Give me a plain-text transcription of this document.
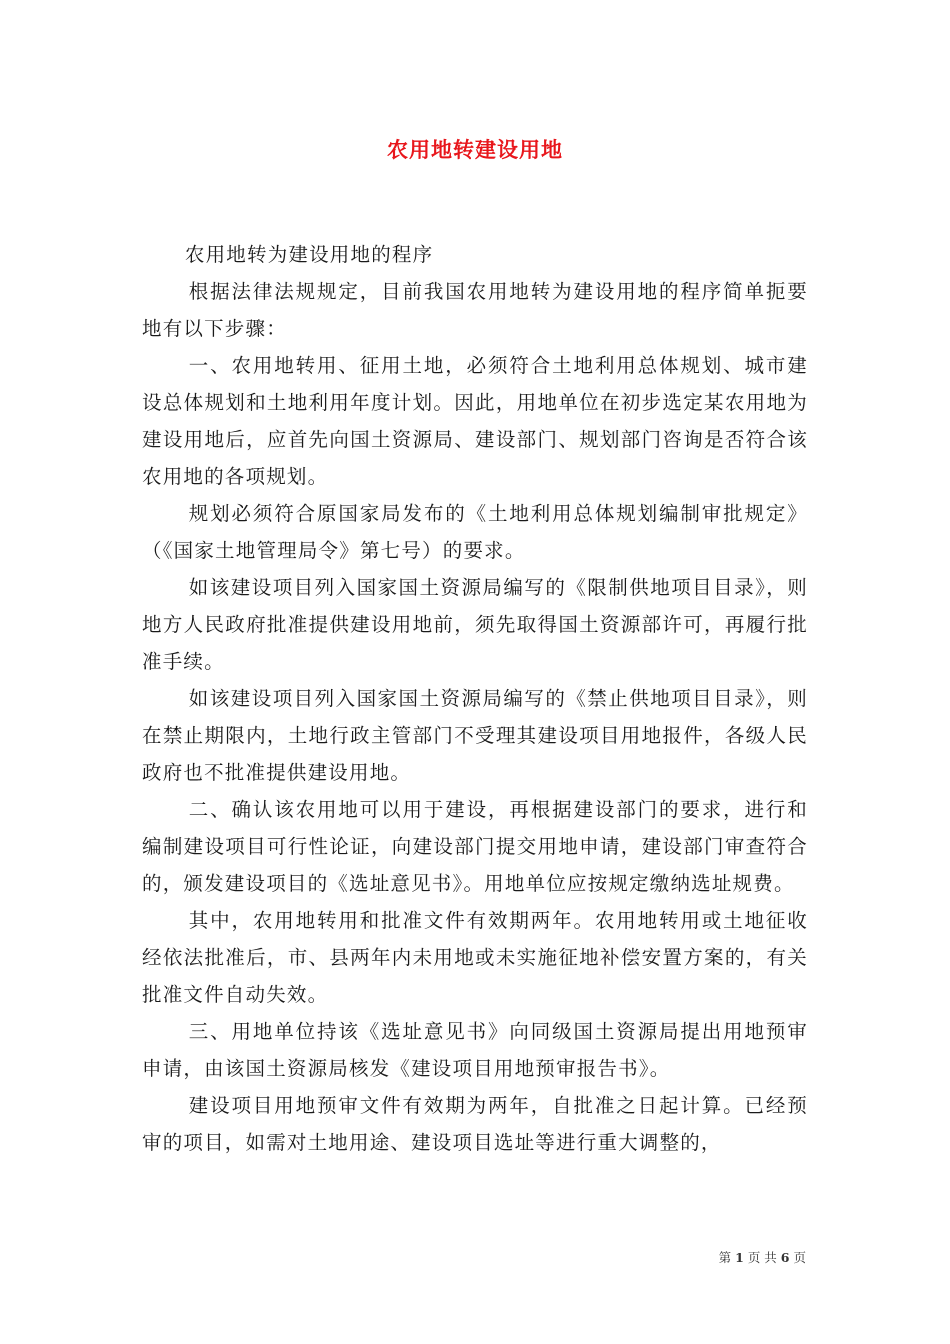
农用地转建设用地

农用地转为建设用地的程序

根据法律法规规定，目前我国农用地转为建设用地的程序简单扼要地有以下步骤：

一、农用地转用、征用土地，必须符合土地利用总体规划、城市建设总体规划和土地利用年度计划。因此，用地单位在初步选定某农用地为建设用地后，应首先向国土资源局、建设部门、规划部门咨询是否符合该农用地的各项规划。

规划必须符合原国家局发布的《土地利用总体规划编制审批规定》（《国家土地管理局令》第七号）的要求。

如该建设项目列入国家国土资源局编写的《限制供地项目目录》，则地方人民政府批准提供建设用地前，须先取得国土资源部许可，再履行批准手续。

如该建设项目列入国家国土资源局编写的《禁止供地项目目录》，则在禁止期限内，土地行政主管部门不受理其建设项目用地报件，各级人民政府也不批准提供建设用地。

二、确认该农用地可以用于建设，再根据建设部门的要求，进行和编制建设项目可行性论证，向建设部门提交用地申请，建设部门审查符合的，颁发建设项目的《选址意见书》。用地单位应按规定缴纳选址规费。

其中，农用地转用和批准文件有效期两年。农用地转用或土地征收经依法批准后，市、县两年内未用地或未实施征地补偿安置方案的，有关批准文件自动失效。

三、用地单位持该《选址意见书》向同级国土资源局提出用地预审申请，由该国土资源局核发《建设项目用地预审报告书》。

建设项目用地预审文件有效期为两年，自批准之日起计算。已经预审的项目，如需对土地用途、建设项目选址等进行重大调整的，

第 1 页 共 6 页
